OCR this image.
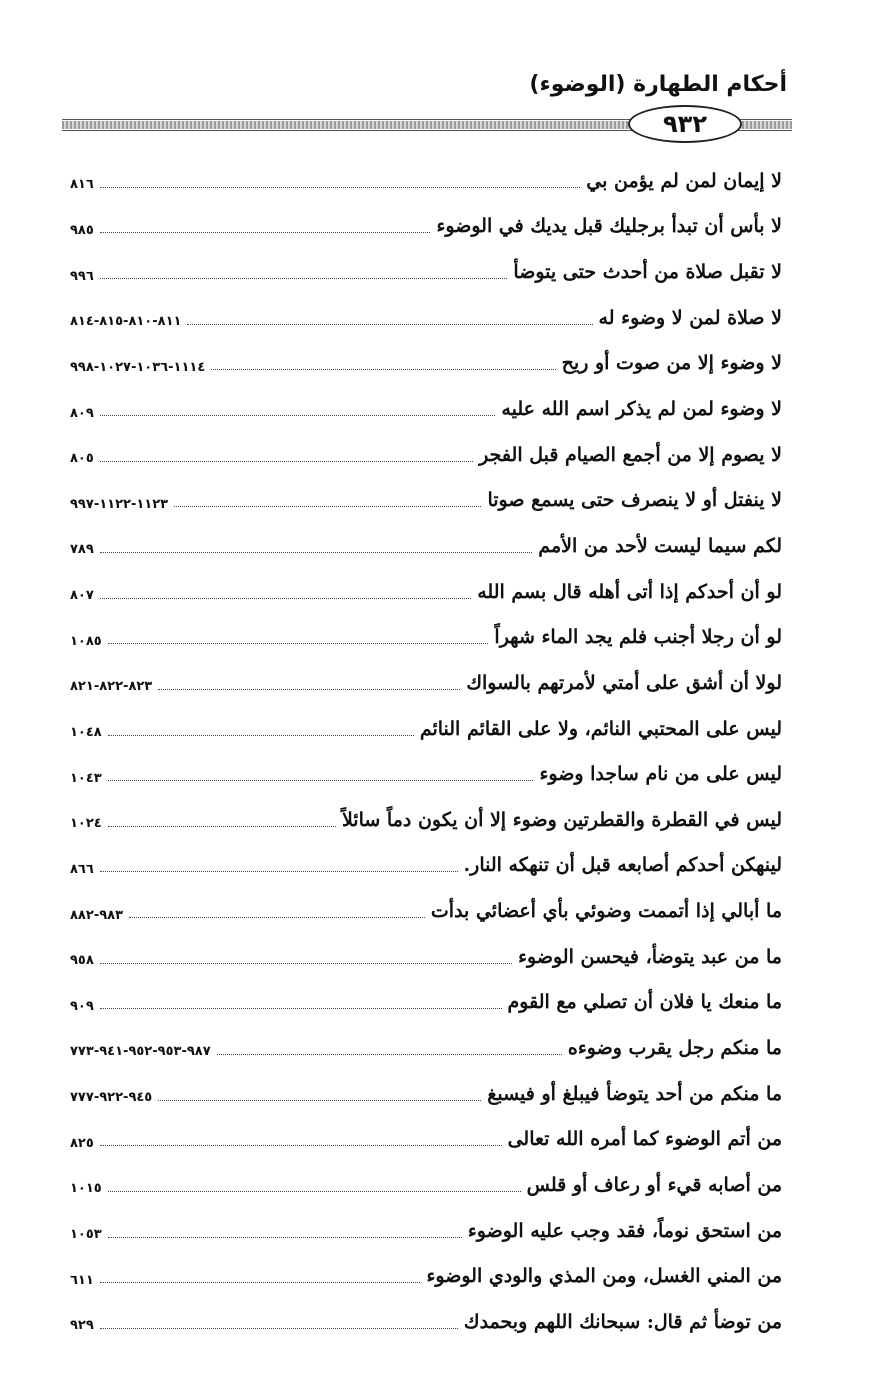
أحكام الطهارة (الوضوء)
٩٣٢
لا إيمان لمن لم يؤمن بي
٨١٦
لا بأس أن تبدأ برجليك قبل يديك في الوضوء
٩٨٥
لا تقبل صلاة من أحدث حتى يتوضأ
٩٩٦
لا صلاة لمن لا وضوء له
٨١١-٨١٠-٨١٥-٨١٤
لا وضوء إلا من صوت أو ريح
١١١٤-١٠٣٦-١٠٢٧-٩٩٨
لا وضوء لمن لم يذكر اسم الله عليه
٨٠٩
لا يصوم إلا من أجمع الصيام قبل الفجر
٨٠٥
لا ينفتل أو لا ينصرف حتى يسمع صوتا
١١٢٣-١١٢٢-٩٩٧
لكم سيما ليست لأحد من الأمم
٧٨٩
لو أن أحدكم إذا أتى أهله قال بسم الله
٨٠٧
لو أن رجلا أجنب فلم يجد الماء شهراً
١٠٨٥
لولا أن أشق على أمتي لأمرتهم بالسواك
٨٢٣-٨٢٢-٨٢١
ليس على المحتبي النائم، ولا على القائم النائم
١٠٤٨
ليس على من نام ساجدا وضوء
١٠٤٣
ليس في القطرة والقطرتين وضوء إلا أن يكون دماً سائلاً
١٠٢٤
لينهكن أحدكم أصابعه قبل أن تنهكه النار.
٨٦٦
ما أبالي إذا أتممت وضوئي بأي أعضائي بدأت
٩٨٣-٨٨٢
ما من عبد يتوضأ، فيحسن الوضوء
٩٥٨
ما منعك يا فلان أن تصلي مع القوم
٩٠٩
ما منكم رجل يقرب وضوءه
٩٨٧-٩٥٣-٩٥٢-٩٤١-٧٧٣
ما منكم من أحد يتوضأ فيبلغ أو فيسبغ
٩٤٥-٩٢٢-٧٧٧
من أتم الوضوء كما أمره الله تعالى
٨٢٥
من أصابه قيء أو رعاف أو قلس
١٠١٥
من استحق نوماً، فقد وجب عليه الوضوء
١٠٥٣
من المني الغسل، ومن المذي والودي الوضوء
٦١١
من توضأ ثم قال: سبحانك اللهم وبحمدك
٩٢٩
